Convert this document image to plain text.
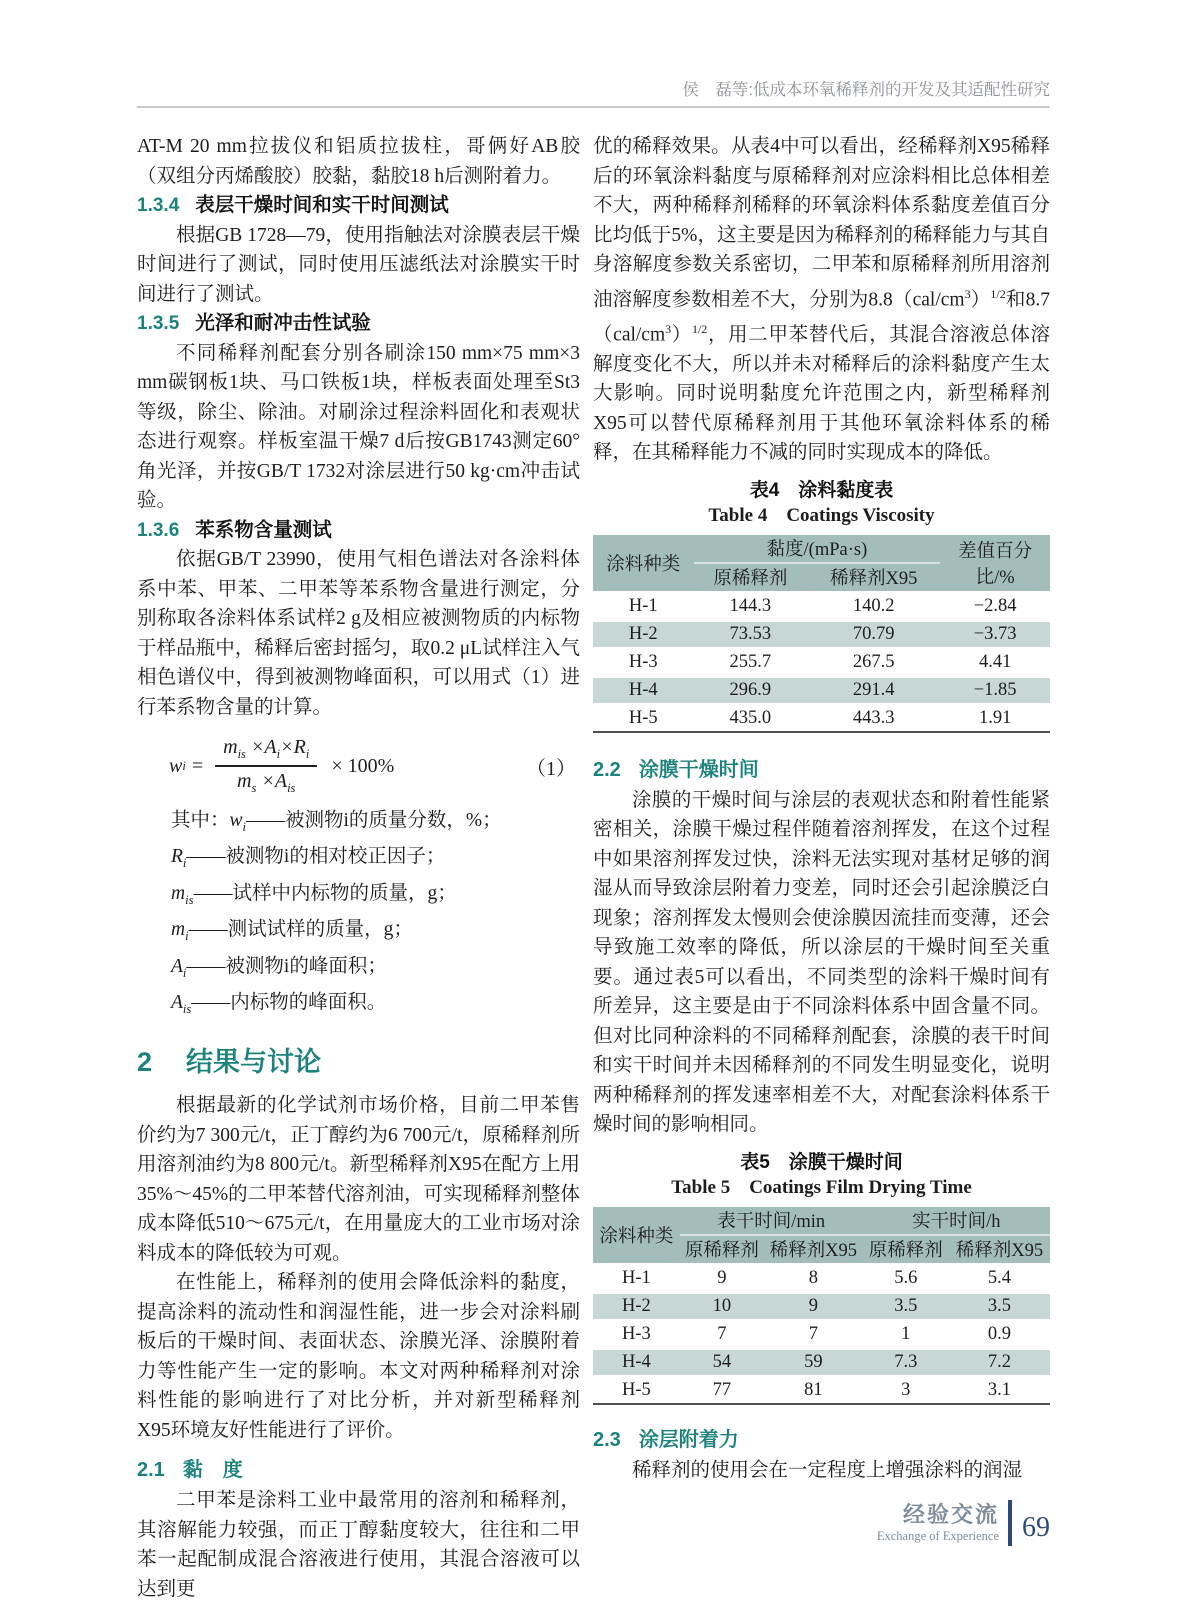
侯　磊等:低成本环氧稀释剂的开发及其适配性研究

AT-M 20 mm拉拔仪和铝质拉拔柱，哥俩好AB胶（双组分丙烯酸胶）胶黏，黏胶18 h后测附着力。

1.3.4 表层干燥时间和实干时间测试

根据GB 1728—79，使用指触法对涂膜表层干燥时间进行了测试，同时使用压滤纸法对涂膜实干时间进行了测试。

1.3.5 光泽和耐冲击性试验

不同稀释剂配套分别各刷涂150 mm×75 mm×3 mm碳钢板1块、马口铁板1块，样板表面处理至St3等级，除尘、除油。对刷涂过程涂料固化和表观状态进行观察。样板室温干燥7 d后按GB1743测定60°角光泽，并按GB/T 1732对涂层进行50 kg·cm冲击试验。

1.3.6 苯系物含量测试

依据GB/T 23990，使用气相色谱法对各涂料体系中苯、甲苯、二甲苯等苯系物含量进行测定，分别称取各涂料体系试样2 g及相应被测物质的内标物于样品瓶中，稀释后密封摇匀，取0.2 μL试样注入气相色谱仪中，得到被测物峰面积，可以用式（1）进行苯系物含量的计算。

w $i = \frac{m_{is} \times A_i\times R_i}{m_s \times A_{is}} \times 100\%$	（1）
其中：$w_i——$被测物i的质量分数，%；
$R_i——$被测物i的相对校正因子；
$m_{is}——$试样中内标物的质量，g；
$m_i——$测试试样的质量，g；
$A_i——$被测物i的峰面积；
$A_{is}——$内标物的峰面积。
2 结果与讨论

根据最新的化学试剂市场价格，目前二甲苯售价约为7 300元/t，正丁醇约为6 700元/t，原稀释剂所用溶剂油约为8 800元/t。新型稀释剂X95在配方上用35%～45%的二甲苯替代溶剂油，可实现稀释剂整体成本降低510～675元/t，在用量庞大的工业市场对涂料成本的降低较为可观。

在性能上，稀释剂的使用会降低涂料的黏度，提高涂料的流动性和润湿性能，进一步会对涂料刷板后的干燥时间、表面状态、涂膜光泽、涂膜附着力等性能产生一定的影响。本文对两种稀释剂对涂料性能的影响进行了对比分析，并对新型稀释剂X95环境友好性能进行了评价。

2.1 黏　度

二甲苯是涂料工业中最常用的溶剂和稀释剂，其溶解能力较强，而正丁醇黏度较大，往往和二甲苯一起配制成混合溶液进行使用，其混合溶液可以达到更

优的稀释效果。从表4中可以看出，经稀释剂X95稀释后的环氧涂料黏度与原稀释剂对应涂料相比总体相差不大，两种稀释剂稀释的环氧涂料体系黏度差值百分比均低于5%，这主要是因为稀释剂的稀释能力与其自身溶解度参数关系密切，二甲苯和原稀释剂所用溶剂油溶解度参数相差不大，分别为$8.8(cal/cm^3)^{1/2}$和$8.7(cal/cm^3)^{1/2}$，用二甲苯替代后，其混合溶液总体溶解度变化不大，所以并未对稀释后的涂料黏度产生太大影响。同时说明黏度允许范围之内，新型稀释剂X95可以替代原稀释剂用于其他环氧涂料体系的稀释，在其稀释能力不减的同时实现成本的降低。

表4　涂料黏度表
Table 4　Coatings Viscosity
涂料种类	黏度/(mPa·s)		差值百分比/%
	原稀释剂	稀释剂X95	
H-1	144.3	140.2	−2.84
H-2	73.53	70.79	−3.73
H-3	255.7	267.5	4.41
H-4	296.9	291.4	−1.85
H-5	435.0	443.3	1.91
2.2 涂膜干燥时间

涂膜的干燥时间与涂层的表观状态和附着性能紧密相关，涂膜干燥过程伴随着溶剂挥发，在这个过程中如果溶剂挥发过快，涂料无法实现对基材足够的润湿从而导致涂层附着力变差，同时还会引起涂膜泛白现象；溶剂挥发太慢则会使涂膜因流挂而变薄，还会导致施工效率的降低，所以涂层的干燥时间至关重要。通过表5可以看出，不同类型的涂料干燥时间有所差异，这主要是由于不同涂料体系中固含量不同。但对比同种涂料的不同稀释剂配套，涂膜的表干时间和实干时间并未因稀释剂的不同发生明显变化，说明两种稀释剂的挥发速率相差不大，对配套涂料体系干燥时间的影响相同。

表5　涂膜干燥时间
Table 5　Coatings Film Drying Time
涂料种类	表干时间/min		实干时间/h	
	原稀释剂	稀释剂X95	原稀释剂	稀释剂X95
H-1	9	8	5.6	5.4
H-2	10	9	3.5	3.5
H-3	7	7	1	0.9
H-4	54	59	7.3	7.2
H-5	77	81	3	3.1
2.3 涂层附着力

稀释剂的使用会在一定程度上增强涂料的润湿

经验交流
Exchange of Experience 69
